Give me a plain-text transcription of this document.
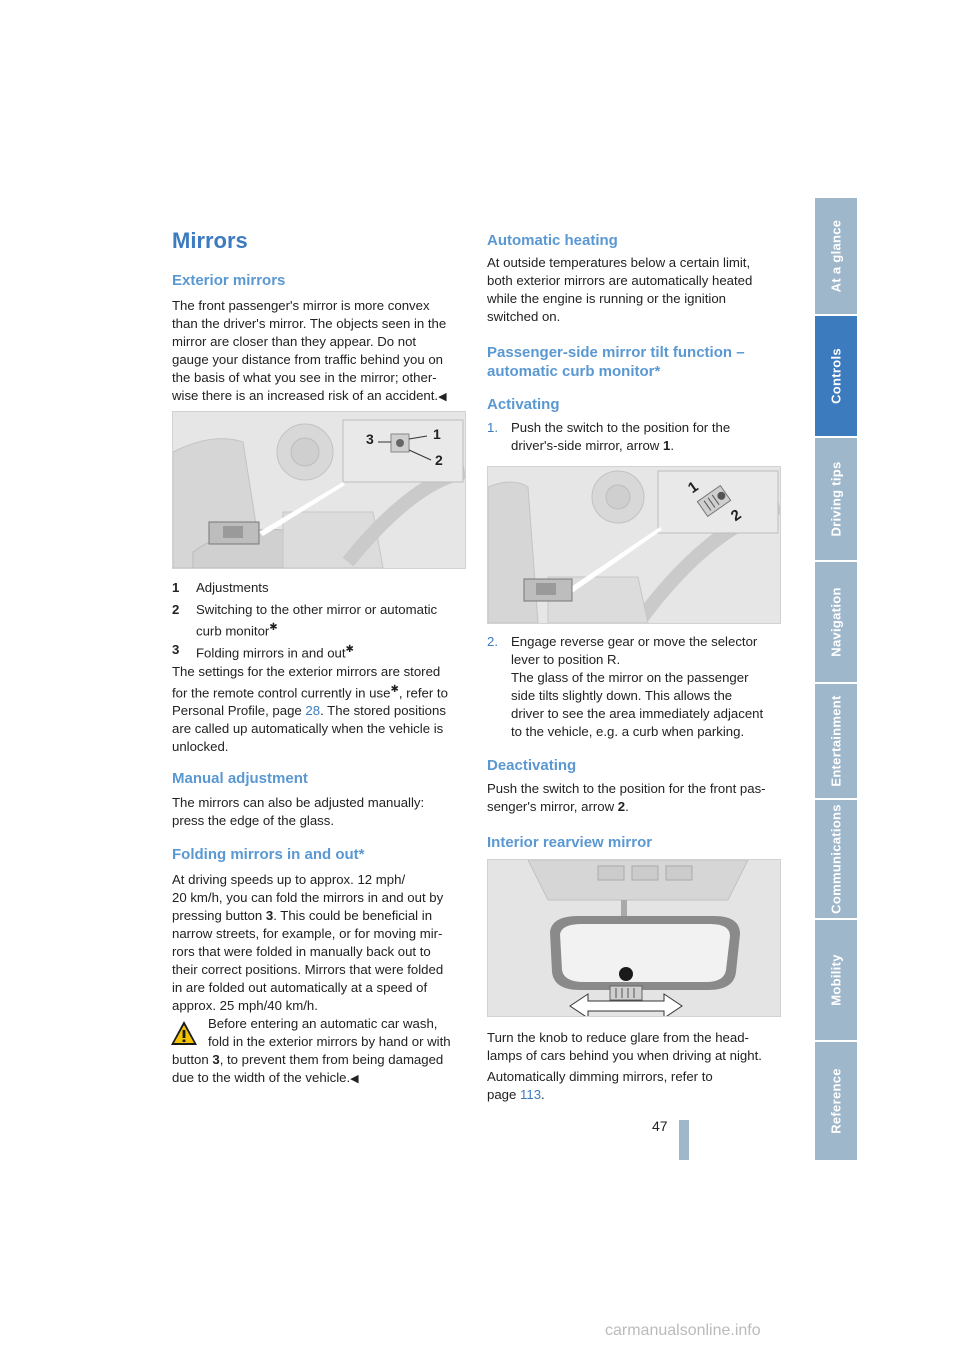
Mirrors
Exterior mirrors
The front passenger's mirror is more convex
than the driver's mirror. The objects seen in the
mirror are closer than they appear. Do not
gauge your distance from traffic behind you on
the basis of what you see in the mirror; other-
wise there is an increased risk of an accident.◀
3	1
2
1 Adjustments
2 Switching to the other mirror or automatic
curb monitor✱
3 Folding mirrors in and out✱
The settings for the exterior mirrors are stored
for the remote control currently in use✱, refer to
Personal Profile, page 28. The stored positions
are called up automatically when the vehicle is
unlocked.
Manual adjustment
The mirrors can also be adjusted manually:
press the edge of the glass.
Folding mirrors in and out*
At driving speeds up to approx. 12 mph/
20 km/h, you can fold the mirrors in and out by
pressing button 3. This could be beneficial in
narrow streets, for example, or for moving mir-
rors that were folded in manually back out to
their correct positions. Mirrors that were folded
in are folded out automatically at a speed of
approx. 25 mph/40 km/h.
Before entering an automatic car wash,
fold in the exterior mirrors by hand or with
button 3, to prevent them from being damaged
due to the width of the vehicle.◀
Automatic heating
At outside temperatures below a certain limit,
both exterior mirrors are automatically heated
while the engine is running or the ignition
switched on.
Passenger-side mirror tilt function –
automatic curb monitor*
Activating
1. Push the switch to the position for the
driver's-side mirror, arrow 1.
1
2
2. Engage reverse gear or move the selector
lever to position R.
The glass of the mirror on the passenger
side tilts slightly down. This allows the
driver to see the area immediately adjacent
to the vehicle, e.g. a curb when parking.
Deactivating
Push the switch to the position for the front pas-
senger's mirror, arrow 2.
Interior rearview mirror
Turn the knob to reduce glare from the head-
lamps of cars behind you when driving at night.
Automatically dimming mirrors, refer to
page 113.
At a glance
Controls
Driving tips
Navigation
Entertainment
Communications
Mobility
Reference
47
carmanualsonline.info
